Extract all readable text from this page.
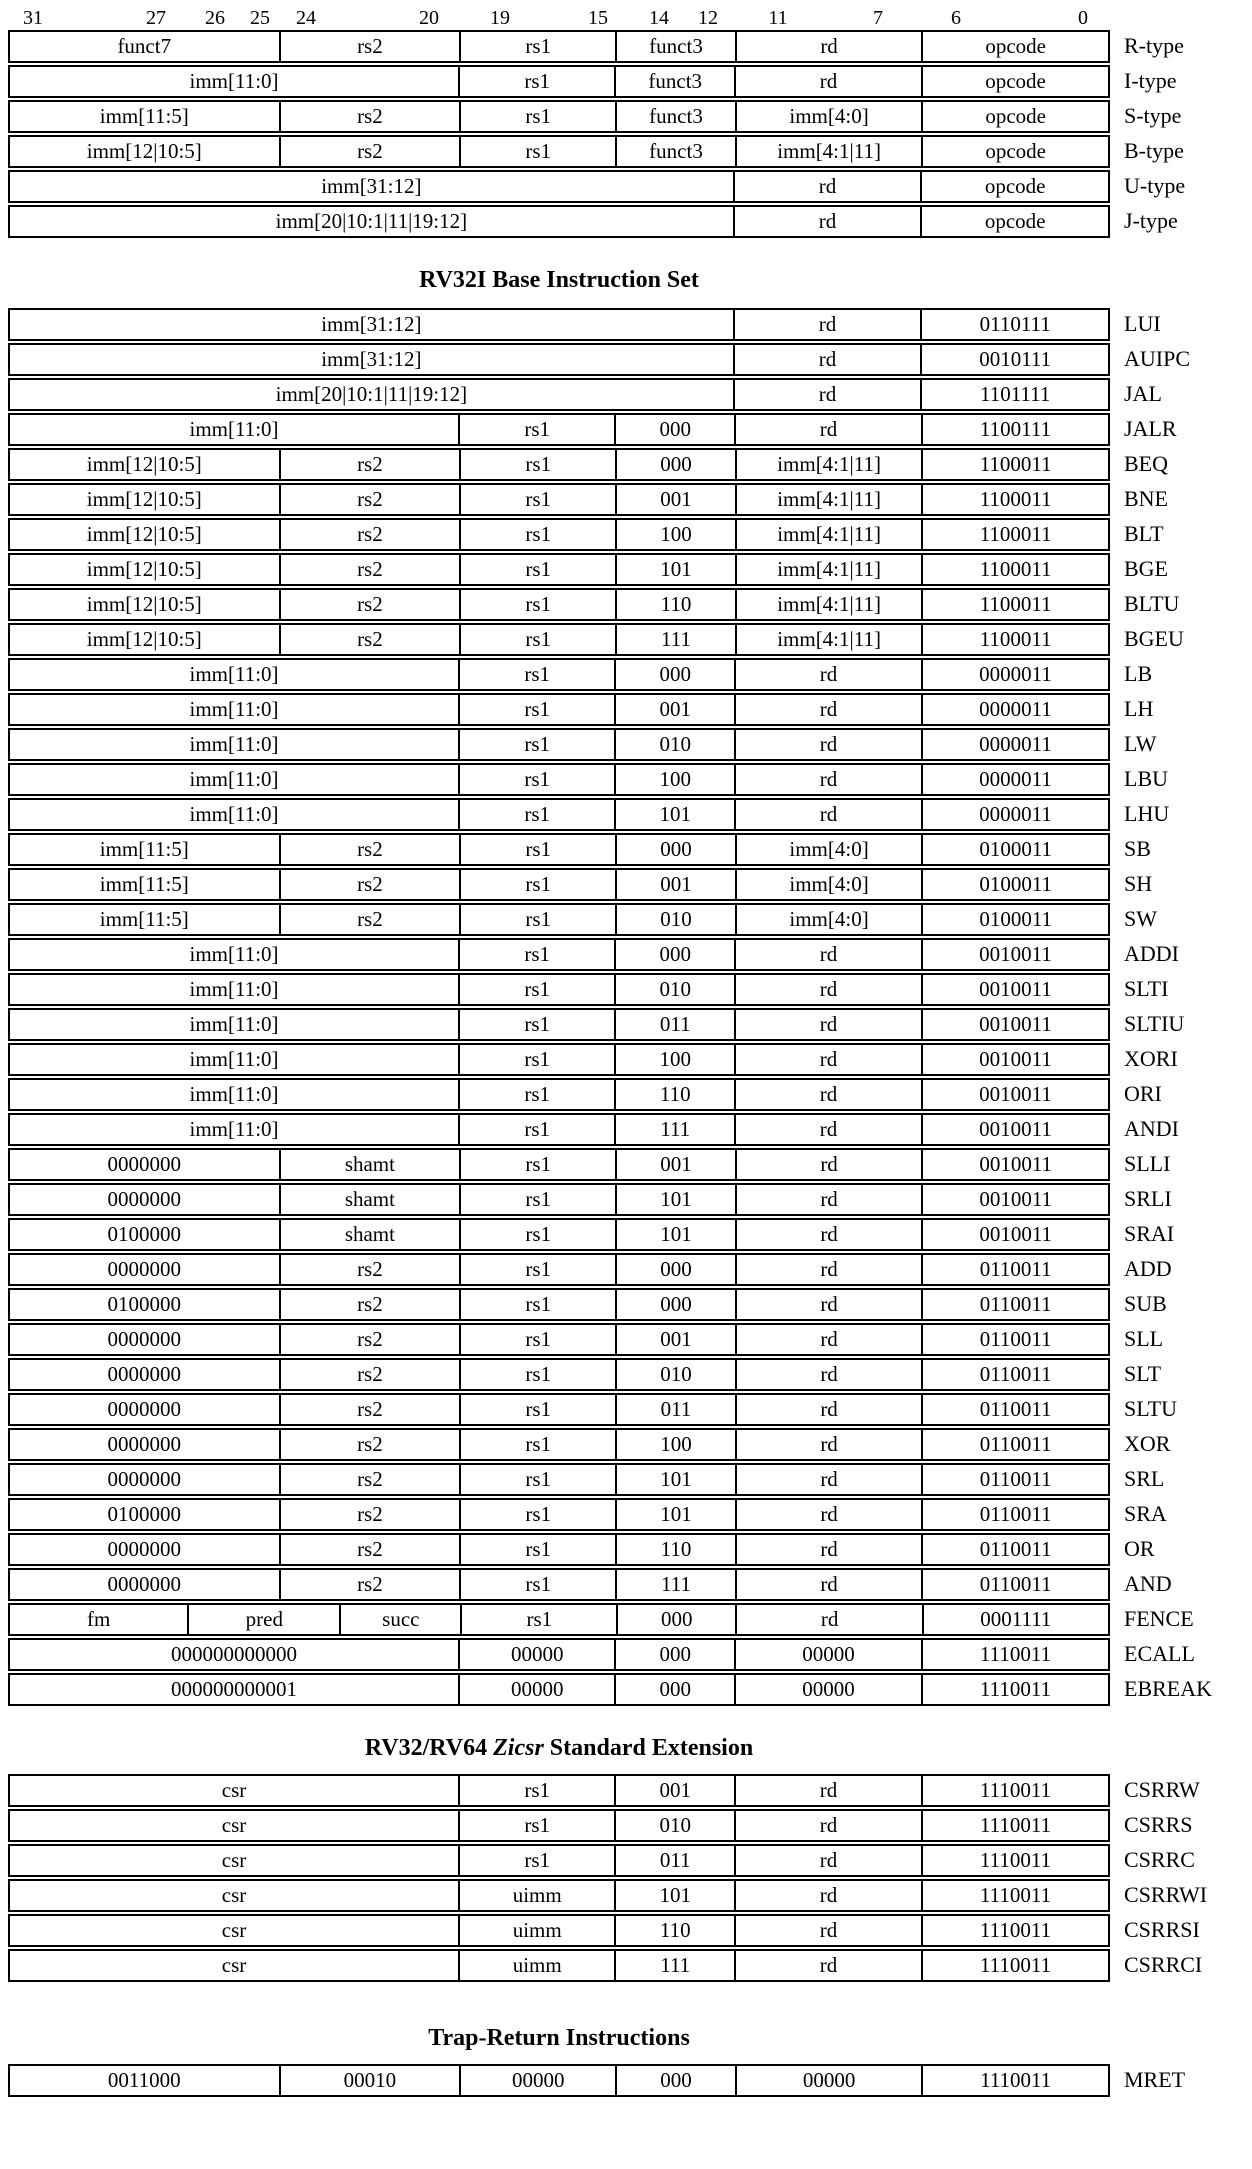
31	27 26 25 24	20	19	15 14 12	11	7	6	0
funct7	rs2	rs1	funct3	rd	opcode	R-type
imm[11:0]	rs1	funct3	rd	opcode	I-type
imm[11:5]	rs2	rs1	funct3	imm[4:0]	opcode	S-type
imm[12|10:5]	rs2	rs1	funct3	imm[4:1|11]	opcode	B-type
imm[31:12]	rd	opcode	U-type
imm[20|10:1|11|19:12]	rd	opcode	J-type
RV32I Base Instruction Set
imm[31:12]	rd	0110111	LUI
imm[31:12]	rd	0010111	AUIPC
imm[20|10:1|11|19:12]	rd	1101111	JAL
imm[11:0]	rs1	000	rd	1100111	JALR
imm[12|10:5]	rs2	rs1	000	imm[4:1|11]	1100011	BEQ
imm[12|10:5]	rs2	rs1	001	imm[4:1|11]	1100011	BNE
imm[12|10:5]	rs2	rs1	100	imm[4:1|11]	1100011	BLT
imm[12|10:5]	rs2	rs1	101	imm[4:1|11]	1100011	BGE
imm[12|10:5]	rs2	rs1	110	imm[4:1|11]	1100011	BLTU
imm[12|10:5]	rs2	rs1	111	imm[4:1|11]	1100011	BGEU
imm[11:0]	rs1	000	rd	0000011	LB
imm[11:0]	rs1	001	rd	0000011	LH
imm[11:0]	rs1	010	rd	0000011	LW
imm[11:0]	rs1	100	rd	0000011	LBU
imm[11:0]	rs1	101	rd	0000011	LHU
imm[11:5]	rs2	rs1	000	imm[4:0]	0100011	SB
imm[11:5]	rs2	rs1	001	imm[4:0]	0100011	SH
imm[11:5]	rs2	rs1	010	imm[4:0]	0100011	SW
imm[11:0]	rs1	000	rd	0010011	ADDI
imm[11:0]	rs1	010	rd	0010011	SLTI
imm[11:0]	rs1	011	rd	0010011	SLTIU
imm[11:0]	rs1	100	rd	0010011	XORI
imm[11:0]	rs1	110	rd	0010011	ORI
imm[11:0]	rs1	111	rd	0010011	ANDI
0000000	shamt	rs1	001	rd	0010011	SLLI
0000000	shamt	rs1	101	rd	0010011	SRLI
0100000	shamt	rs1	101	rd	0010011	SRAI
0000000	rs2	rs1	000	rd	0110011	ADD
0100000	rs2	rs1	000	rd	0110011	SUB
0000000	rs2	rs1	001	rd	0110011	SLL
0000000	rs2	rs1	010	rd	0110011	SLT
0000000	rs2	rs1	011	rd	0110011	SLTU
0000000	rs2	rs1	100	rd	0110011	XOR
0000000	rs2	rs1	101	rd	0110011	SRL
0100000	rs2	rs1	101	rd	0110011	SRA
0000000	rs2	rs1	110	rd	0110011	OR
0000000	rs2	rs1	111	rd	0110011	AND
fm	pred	succ	rs1	000	rd	0001111	FENCE
000000000000	00000	000	00000	1110011	ECALL
000000000001	00000	000	00000	1110011	EBREAK
RV32/RV64 Zicsr Standard Extension
csr	rs1	001	rd	1110011	CSRRW
csr	rs1	010	rd	1110011	CSRRS
csr	rs1	011	rd	1110011	CSRRC
csr	uimm	101	rd	1110011	CSRRWI
csr	uimm	110	rd	1110011	CSRRSI
csr	uimm	111	rd	1110011	CSRRCI
Trap-Return Instructions
0011000	00010	00000	000	00000	1110011	MRET
